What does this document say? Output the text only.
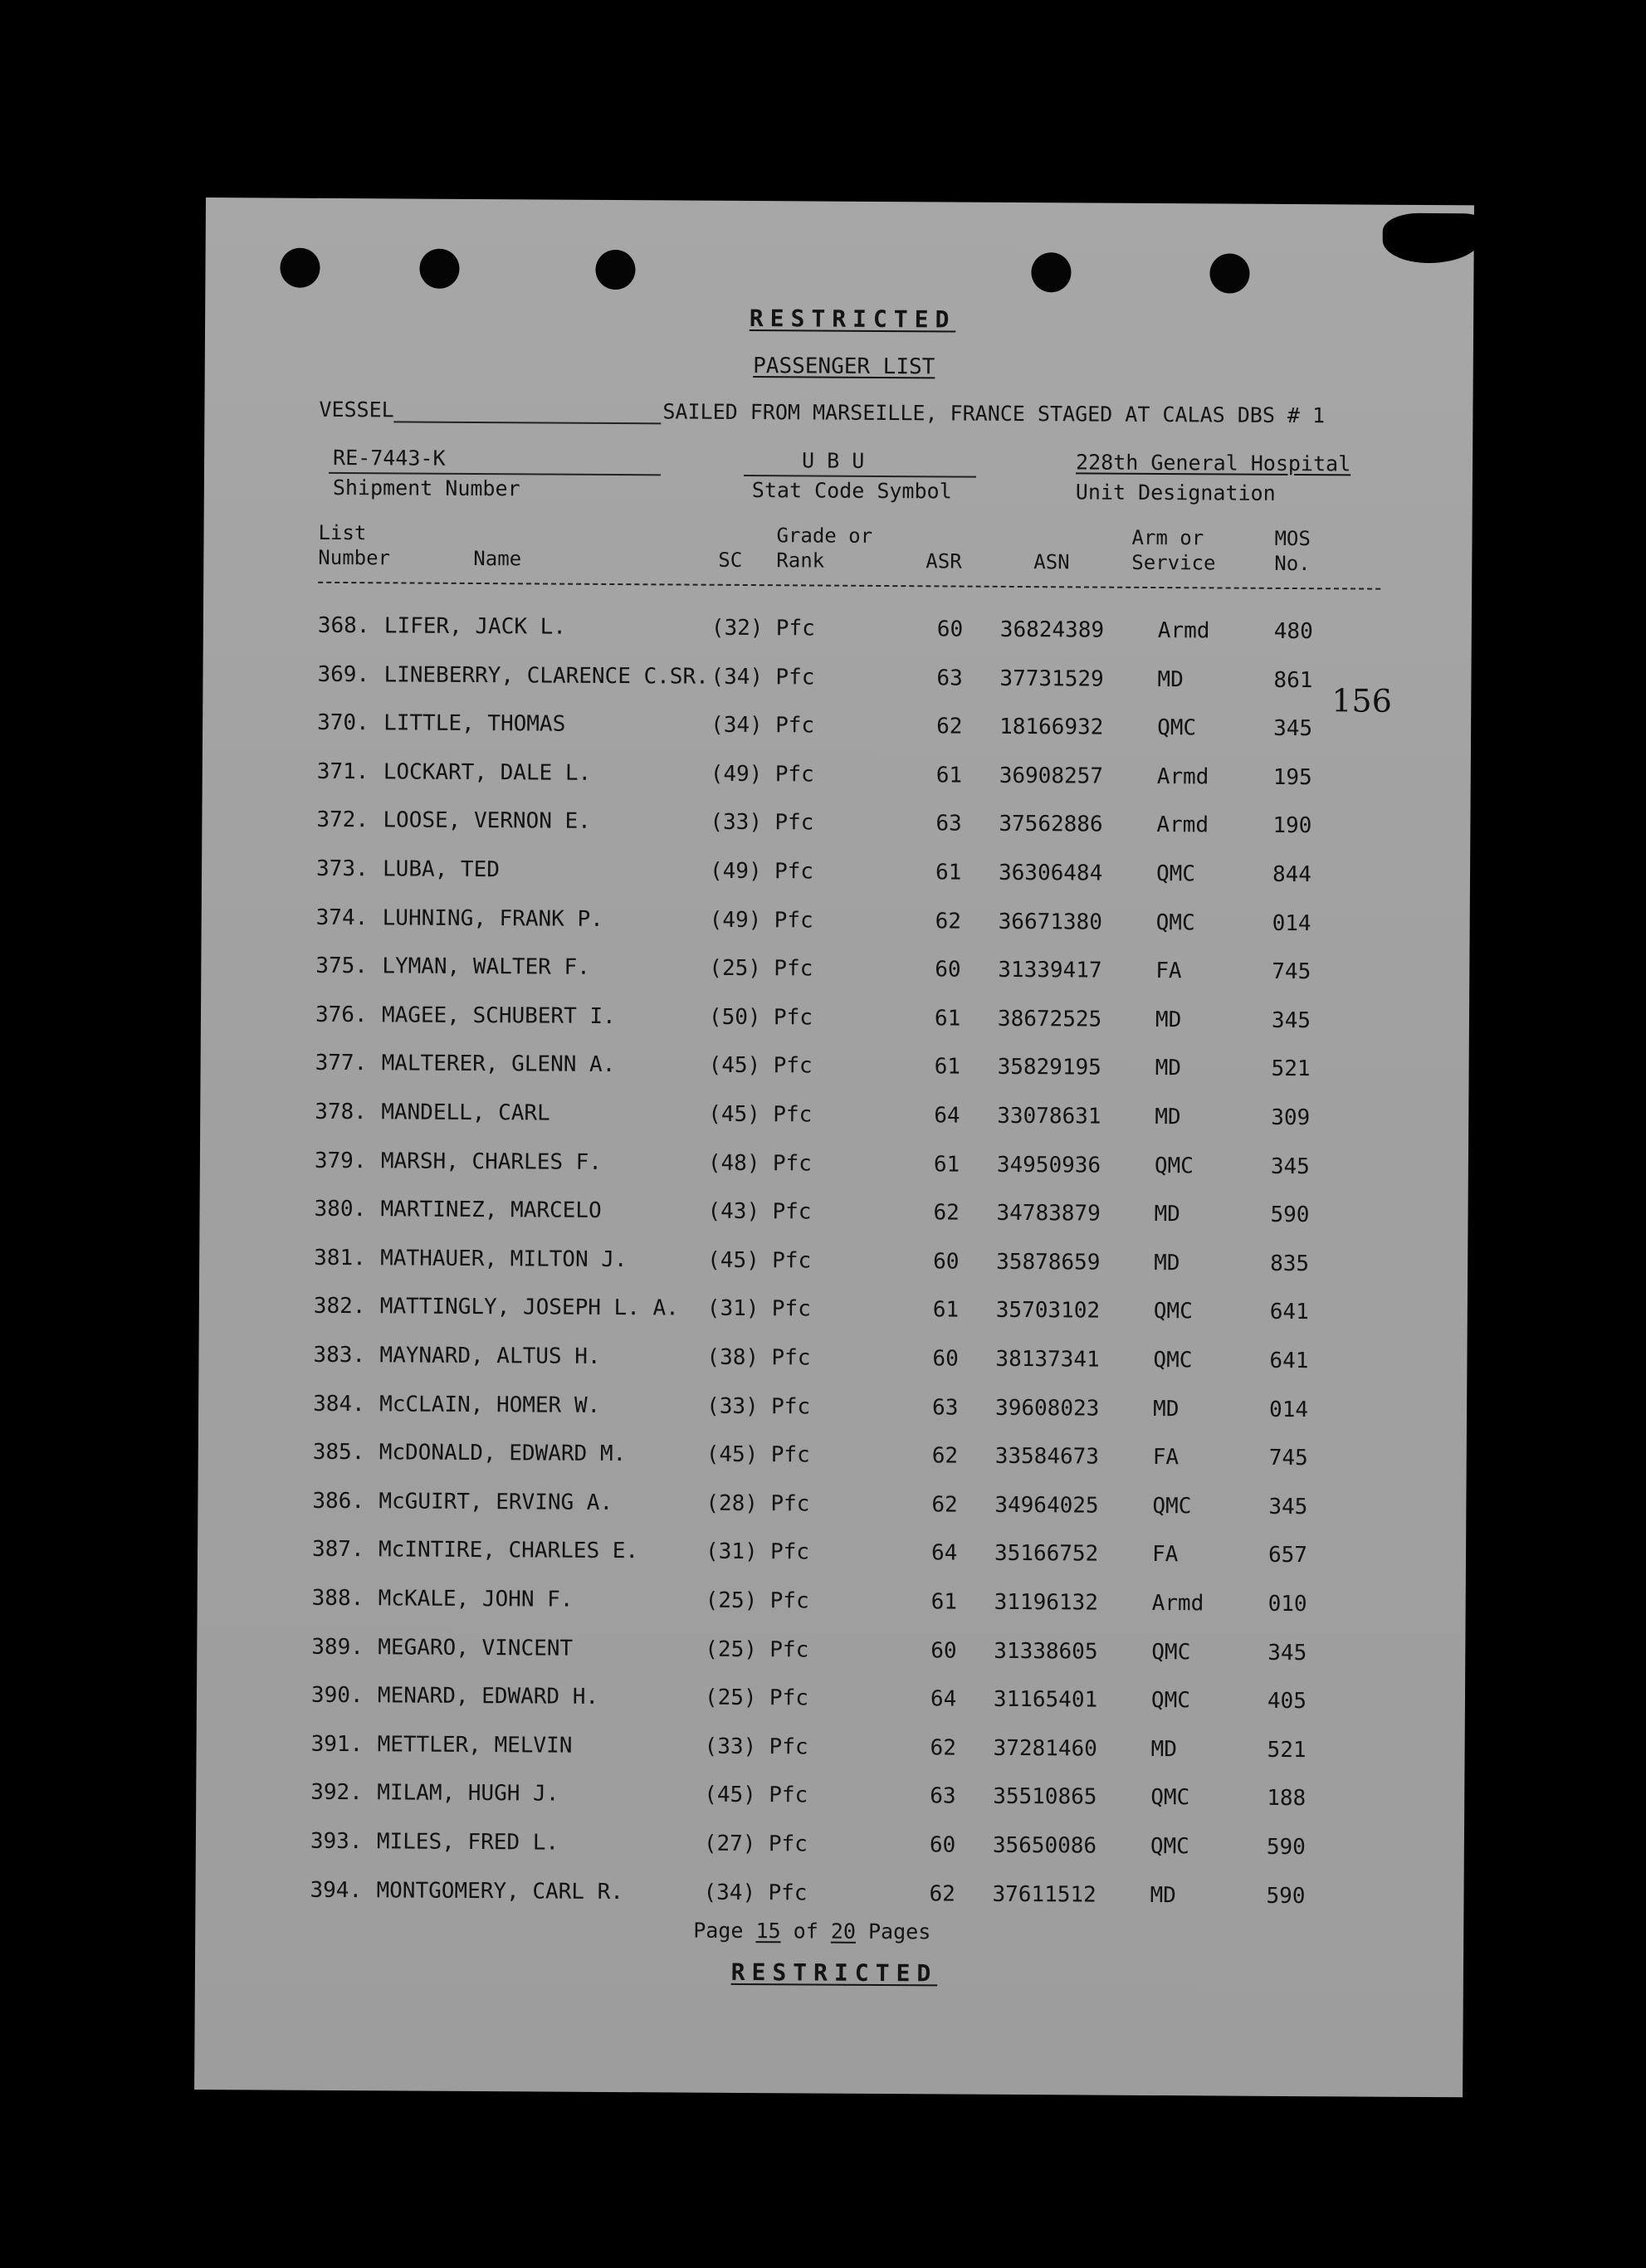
RESTRICTED
PASSENGER LIST
VESSEL	SAILED FROM MARSEILLE, FRANCE STAGED AT CALAS DBS # 1
RE-7443-K
Shipment Number
U B U
Stat Code Symbol
228th General Hospital
Unit Designation
List
Number	Name	SC
Grade or
Rank	ASR	ASN
Arm or
Service
MOS
No.
368. LIFER, JACK L.	(32) Pfc	60 36824389 Armd	480
369. LINEBERRY, CLARENCE C.SR. (34) Pfc	63 37731529 MD	861
370. LITTLE, THOMAS	(34) Pfc	62 18166932 QMC	345
371. LOCKART, DALE L.	(49) Pfc	61 36908257 Armd	195
372. LOOSE, VERNON E.	(33) Pfc	63 37562886 Armd	190
373. LUBA, TED	(49) Pfc	61 36306484 QMC	844
374. LUHNING, FRANK P.	(49) Pfc	62 36671380 QMC	014
375. LYMAN, WALTER F.	(25) Pfc	60 31339417 FA	745
376. MAGEE, SCHUBERT I.	(50) Pfc	61 38672525 MD	345
377. MALTERER, GLENN A.	(45) Pfc	61 35829195 MD	521
378. MANDELL, CARL	(45) Pfc	64 33078631 MD	309
379. MARSH, CHARLES F.	(48) Pfc	61 34950936 QMC	345
380. MARTINEZ, MARCELO	(43) Pfc	62 34783879 MD	590
381. MATHAUER, MILTON J.	(45) Pfc	60 35878659 MD	835
382. MATTINGLY, JOSEPH L. A. (31) Pfc	61 35703102 QMC	641
383. MAYNARD, ALTUS H.	(38) Pfc	60 38137341 QMC	641
384. McCLAIN, HOMER W.	(33) Pfc	63 39608023 MD	014
385. McDONALD, EDWARD M.	(45) Pfc	62 33584673 FA	745
386. McGUIRT, ERVING A.	(28) Pfc	62 34964025 QMC	345
387. McINTIRE, CHARLES E.	(31) Pfc	64 35166752 FA	657
388. McKALE, JOHN F.	(25) Pfc	61 31196132 Armd	010
389. MEGARO, VINCENT	(25) Pfc	60 31338605 QMC	345
390. MENARD, EDWARD H.	(25) Pfc	64 31165401 QMC	405
391. METTLER, MELVIN	(33) Pfc	62 37281460 MD	521
392. MILAM, HUGH J.	(45) Pfc	63 35510865 QMC	188
393. MILES, FRED L.	(27) Pfc	60 35650086 QMC	590
394. MONTGOMERY, CARL R.	(34) Pfc	62 37611512 MD	590
156
Page 15 of 20 Pages
RESTRICTED
